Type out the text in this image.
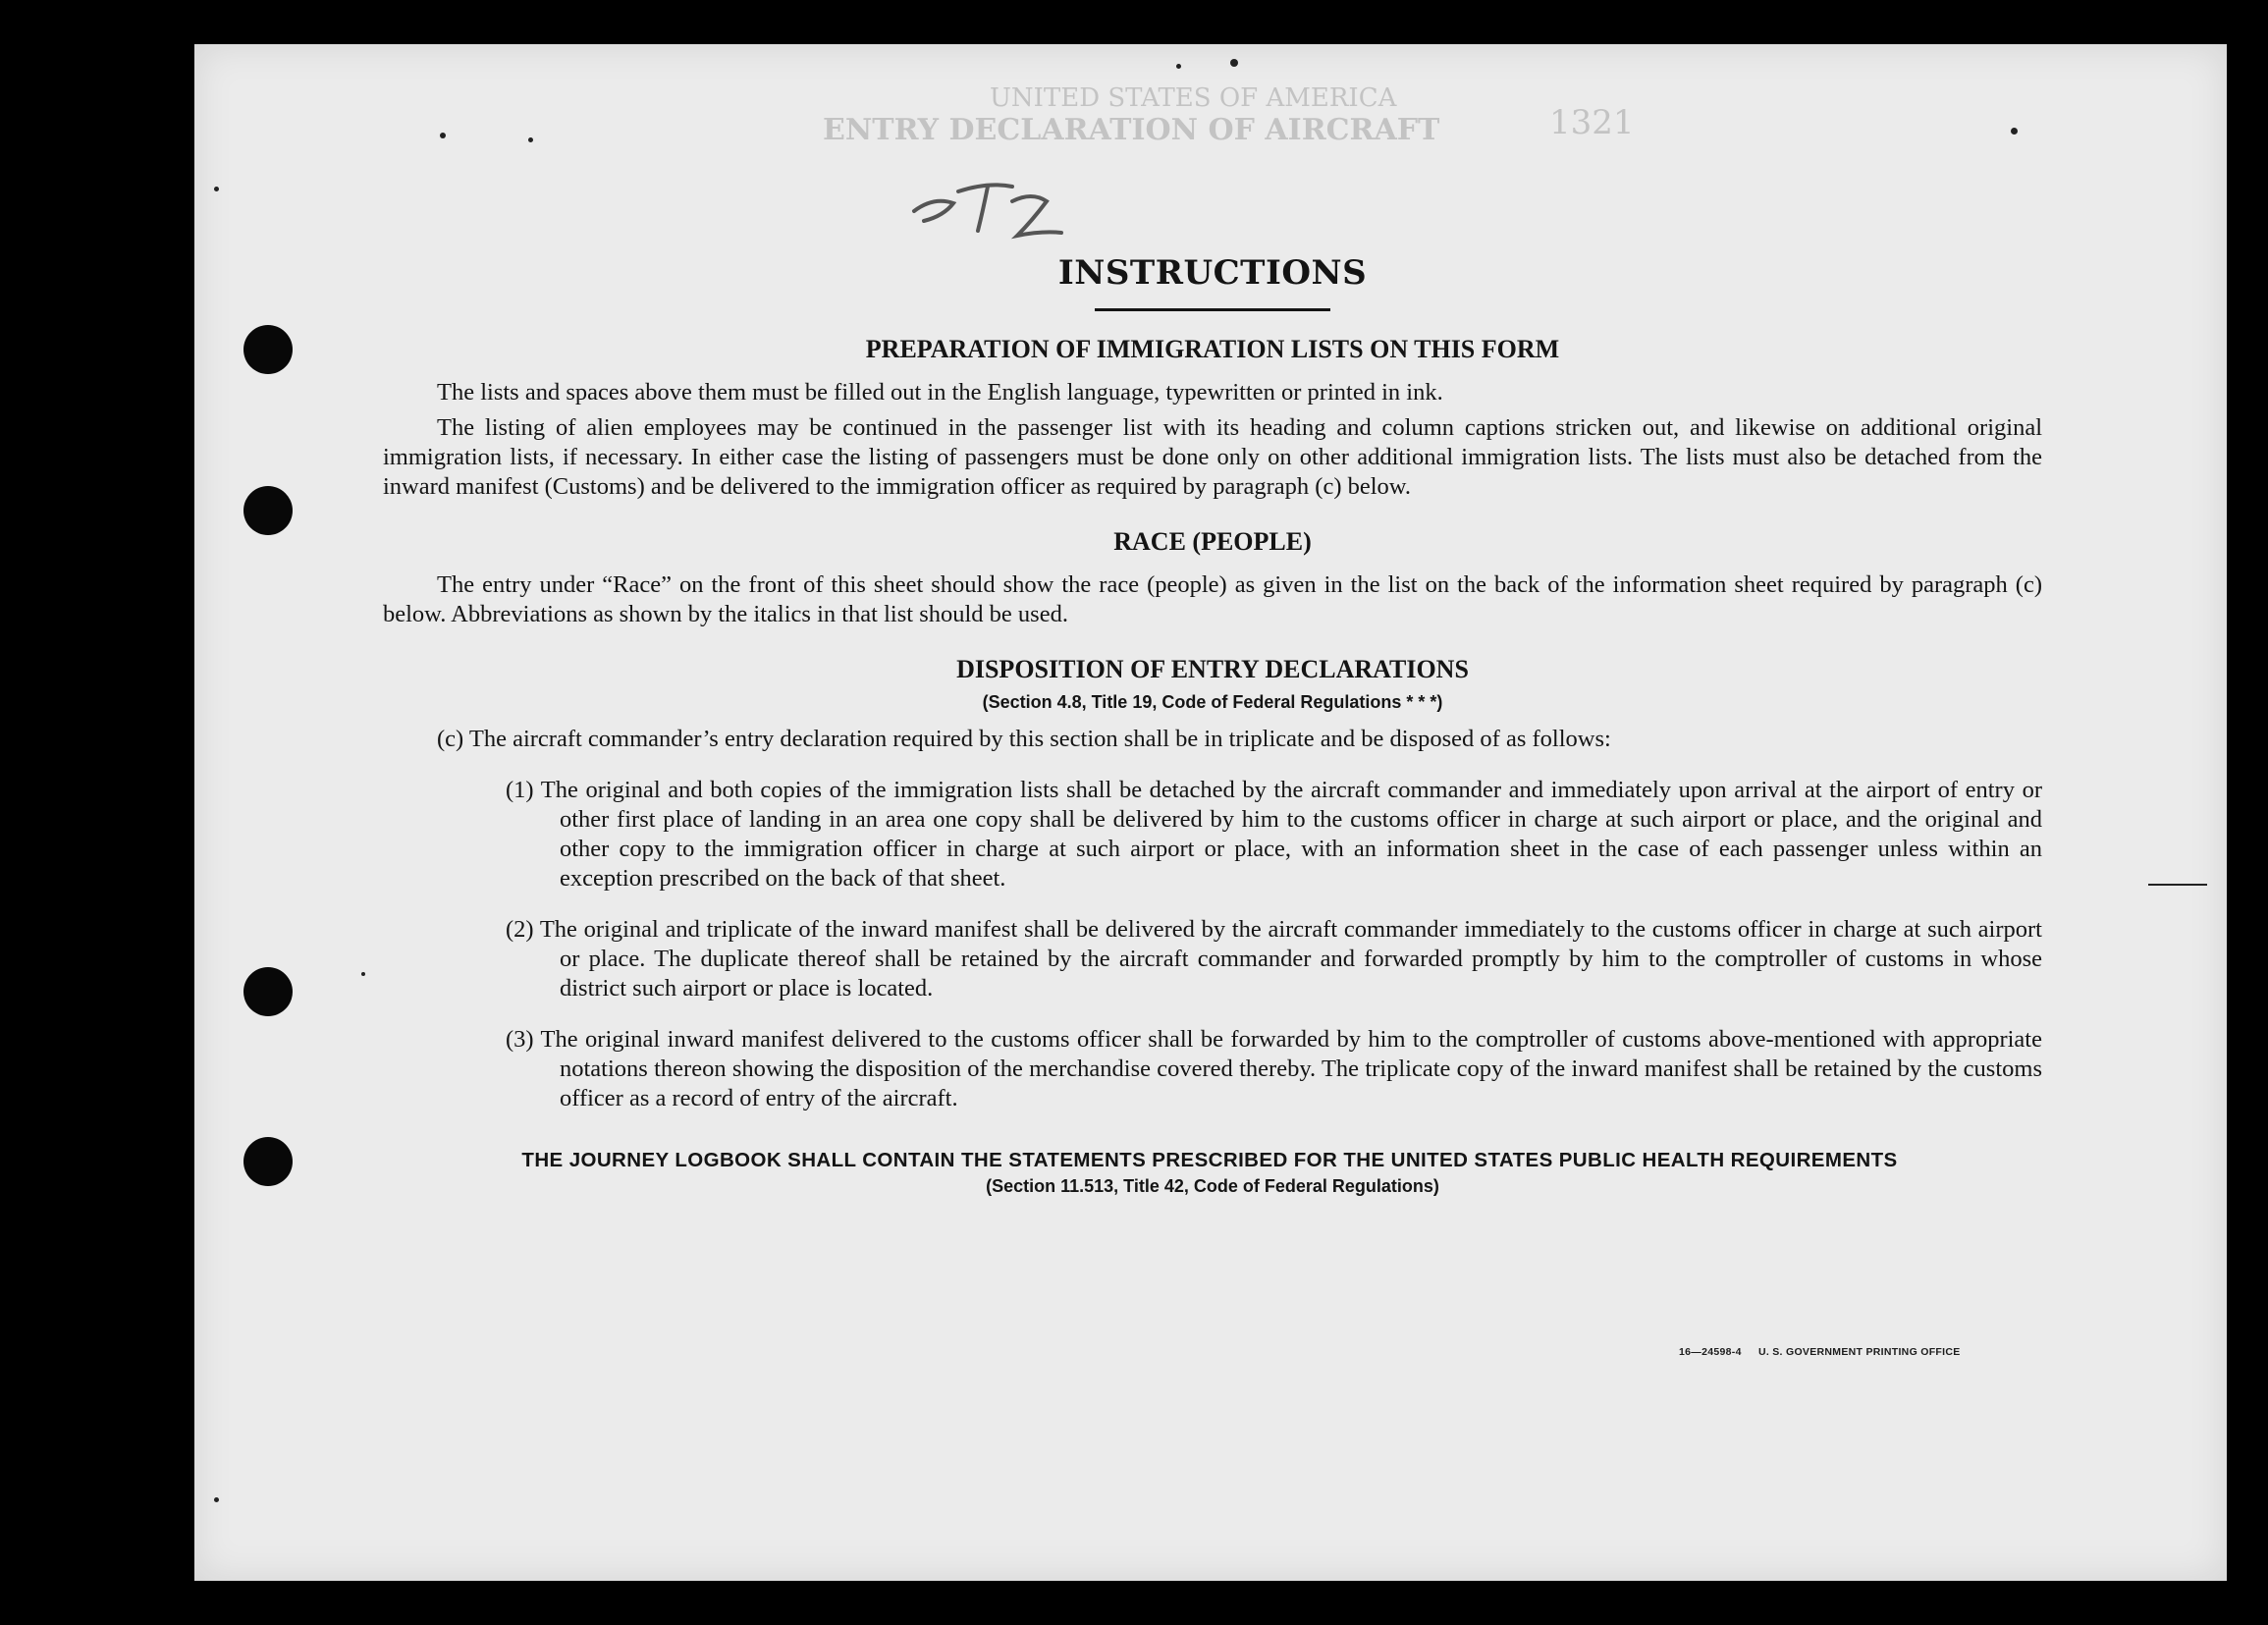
UNITED STATES OF AMERICA
ENTRY DECLARATION OF AIRCRAFT	1321
INSTRUCTIONS
PREPARATION OF IMMIGRATION LISTS ON THIS FORM

The lists and spaces above them must be filled out in the English language, typewritten or printed in ink.

The listing of alien employees may be continued in the passenger list with its heading and column captions stricken out, and likewise on additional original immigration lists, if necessary. In either case the listing of passengers must be done only on other additional immigration lists. The lists must also be detached from the inward manifest (Customs) and be delivered to the immigration officer as required by paragraph (c) below.

RACE (PEOPLE)

The entry under “Race” on the front of this sheet should show the race (people) as given in the list on the back of the information sheet required by paragraph (c) below. Abbreviations as shown by the italics in that list should be used.

DISPOSITION OF ENTRY DECLARATIONS

(Section 4.8, Title 19, Code of Federal Regulations * * *)

(c) The aircraft commander’s entry declaration required by this section shall be in triplicate and be disposed of as follows:

(1) The original and both copies of the immigration lists shall be detached by the aircraft commander and immediately upon arrival at the airport of entry or other first place of landing in an area one copy shall be delivered by him to the customs officer in charge at such airport or place, and the original and other copy to the immigration officer in charge at such airport or place, with an information sheet in the case of each passenger unless within an exception prescribed on the back of that sheet.

(2) The original and triplicate of the inward manifest shall be delivered by the aircraft commander immediately to the customs officer in charge at such airport or place. The duplicate thereof shall be retained by the aircraft commander and forwarded promptly by him to the comptroller of customs in whose district such airport or place is located.

(3) The original inward manifest delivered to the customs officer shall be forwarded by him to the comptroller of customs above-mentioned with appropriate notations thereon showing the disposition of the merchandise covered thereby. The triplicate copy of the inward manifest shall be retained by the customs officer as a record of entry of the aircraft.

THE JOURNEY LOGBOOK SHALL CONTAIN THE STATEMENTS PRESCRIBED FOR THE UNITED STATES PUBLIC HEALTH REQUIREMENTS

(Section 11.513, Title 42, Code of Federal Regulations)

16—24598-4 U. S. GOVERNMENT PRINTING OFFICE
